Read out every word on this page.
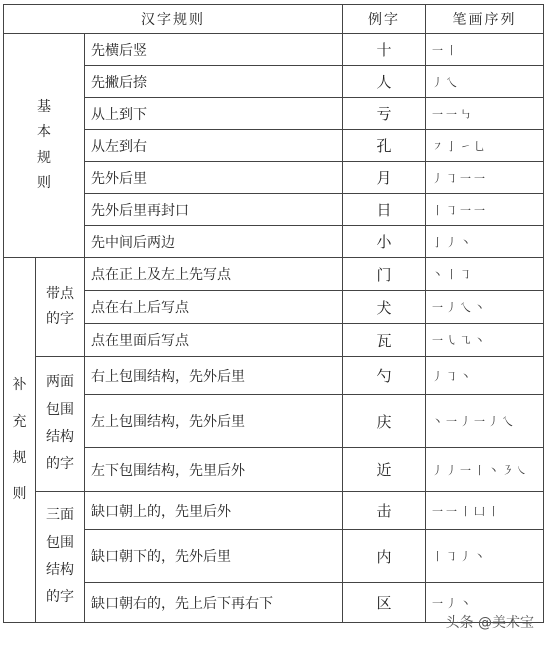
汉字规则			例字	笔画序列

基
本
规
则		先横后竖	十	一丨
		先撇后捺	人	丿乀
		从上到下	亏	一一㇉
		从左到右	孔	㇇亅㇀乚
		先外后里	月	丿㇆一一
		先外后里再封口	日	丨㇆一一
		先中间后两边	小	亅丿丶

补
充
规
则	带点
的字	点在正上及左上先写点	门	丶丨㇆
		点在右上后写点	犬	一丿乀丶
		点在里面后写点	瓦	一㇂㇈丶

	两面
包围
结构
的字	右上包围结构，先外后里	勺	丿㇆丶
		左上包围结构，先外后里	庆	丶一丿一丿乀
		左下包围结构，先里后外	近	丿丿一丨丶㇋㇏

	三面
包围
结构
的字	缺口朝上的，先里后外	击	一一丨凵丨
		缺口朝下的，先外后里	内	丨㇆丿丶
		缺口朝右的，先上后下再右下	区	一丿丶
头条 @美术宝
